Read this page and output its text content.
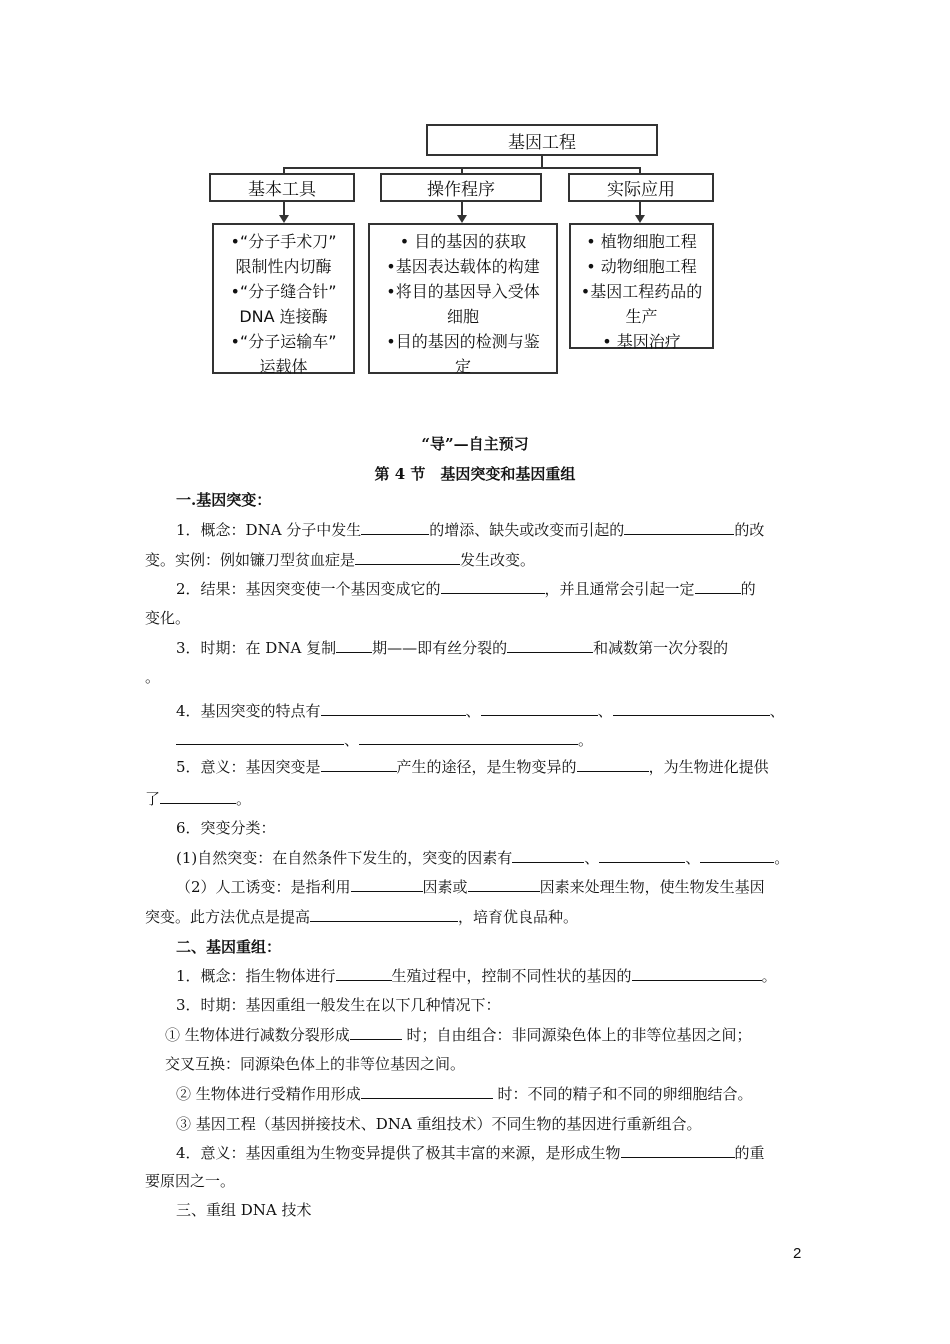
基因工程
基本工具	操作程序	实际应用
•“分子手术刀”
限制性内切酶
•“分子缝合针”
DNA 连接酶
•“分子运输车”
运载体
• 目的基因的获取
•基因表达载体的构建
•将目的基因导入受体
细胞
•目的基因的检测与鉴
定
• 植物细胞工程
• 动物细胞工程
•基因工程药品的
生产
• 基因治疗
“导”—自主预习
第 4 节　基因突变和基因重组
一.基因突变：
1．概念：DNA 分子中发生	的增添、缺失或改变而引起的	的改
变。实例：例如镰刀型贫血症是	发生改变。
2．结果：基因突变使一个基因变成它的	，并且通常会引起一定	的
变化。
3．时期：在 DNA 复制 期——即有丝分裂的	和减数第一次分裂的
。
4．基因突变的特点有	、	、	、
、	。
5．意义：基因突变是	产生的途径，是生物变异的	，为生物进化提供
了	。
6．突变分类：
(1)自然突变：在自然条件下发生的，突变的因素有	、	、	。
（2）人工诱变：是指利用	因素或	因素来处理生物，使生物发生基因
突变。此方法优点是提高	，培育优良品种。
二、基因重组：
1．概念：指生物体进行	生殖过程中，控制不同性状的基因的	。
3．时期：基因重组一般发生在以下几种情况下：
① 生物体进行减数分裂形成	时；自由组合：非同源染色体上的非等位基因之间；
交叉互换：同源染色体上的非等位基因之间。
② 生物体进行受精作用形成	时：不同的精子和不同的卵细胞结合。
③ 基因工程（基因拼接技术、DNA 重组技术）不同生物的基因进行重新组合。
4．意义：基因重组为生物变异提供了极其丰富的来源，是形成生物	的重
要原因之一。
三、重组 DNA 技术
2
